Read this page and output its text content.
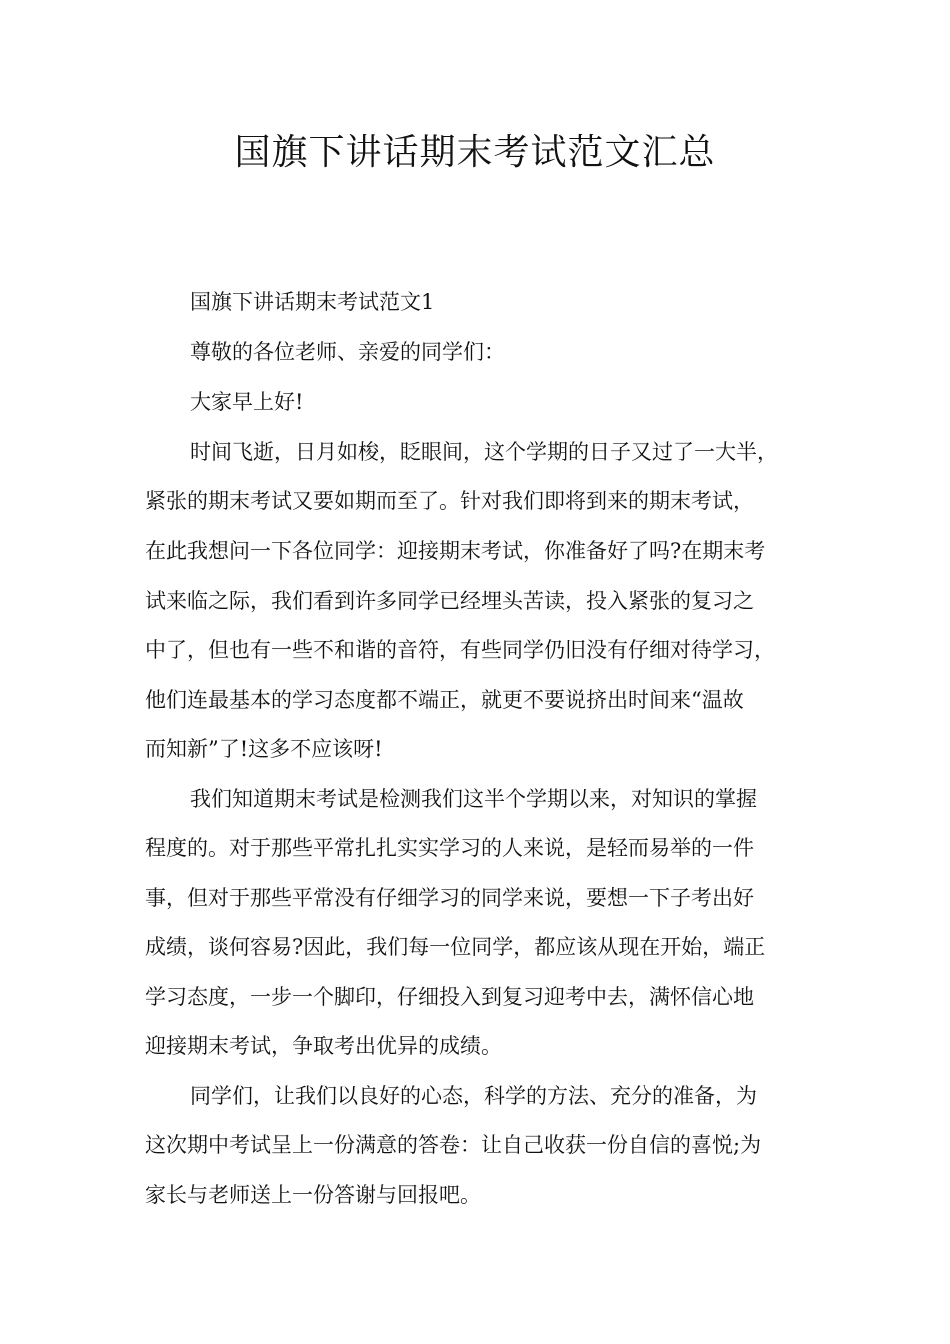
国旗下讲话期末考试范文汇总
国旗下讲话期末考试范文1
尊敬的各位老师、亲爱的同学们：
大家早上好!
时间飞逝，日月如梭，眨眼间，这个学期的日子又过了一大半，
紧张的期末考试又要如期而至了。针对我们即将到来的期末考试，
在此我想问一下各位同学：迎接期末考试，你准备好了吗?在期末考
试来临之际，我们看到许多同学已经埋头苦读，投入紧张的复习之
中了，但也有一些不和谐的音符，有些同学仍旧没有仔细对待学习，
他们连最基本的学习态度都不端正，就更不要说挤出时间来“温故
而知新”了!这多不应该呀!
我们知道期末考试是检测我们这半个学期以来，对知识的掌握
程度的。对于那些平常扎扎实实学习的人来说，是轻而易举的一件
事，但对于那些平常没有仔细学习的同学来说，要想一下子考出好
成绩，谈何容易?因此，我们每一位同学，都应该从现在开始，端正
学习态度，一步一个脚印，仔细投入到复习迎考中去，满怀信心地
迎接期末考试，争取考出优异的成绩。
同学们，让我们以良好的心态，科学的方法、充分的准备，为
这次期中考试呈上一份满意的答卷：让自己收获一份自信的喜悦;为
家长与老师送上一份答谢与回报吧。
